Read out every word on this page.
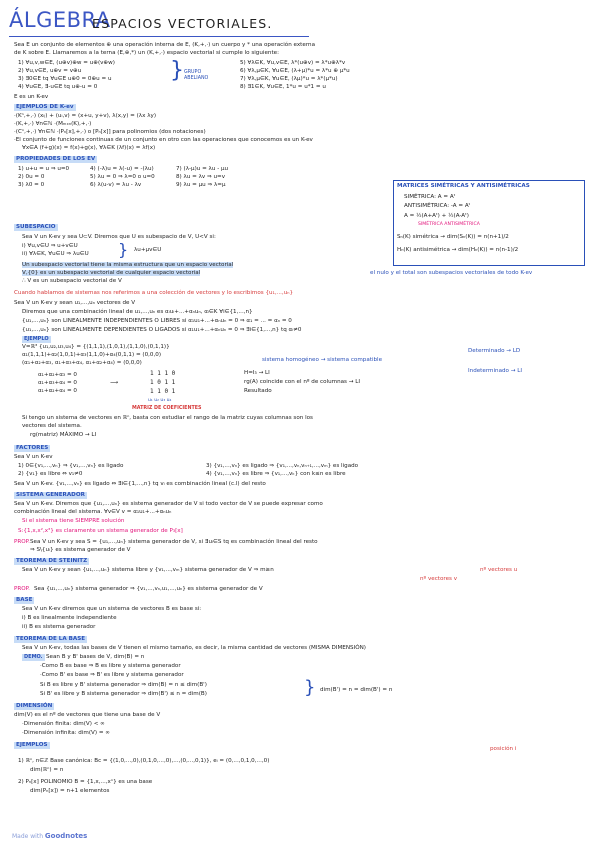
ÁLGEBRA
ESPACIOS VECTORIALES.
Sea E un conjunto de elementos ⊕ una operación interna de E, (K,+,·) un cuerpo y * una operación externa
de K sobre E. Llamaremos a la terna (E,⊕,*) un (K,+,·) espacio vectorial si cumple lo siguiente:
1) ∀u,v,w∈E, (u⊕v)⊕w = u⊕(v⊕w)
2) ∀u,v∈E, u⊕v = v⊕u
3) ∃0∈E tq ∀u∈E u⊕0 = 0⊕u = u
4) ∀u∈E, ∃-u∈E tq u⊕-u = 0
} GRUPO ABELIANO
5) ∀λ∈K, ∀u,v∈E, λ*(u⊕v) = λ*u⊕λ*v
6) ∀λ,μ∈K, ∀u∈E, (λ+μ)*u = λ*u ⊕ μ*u
7) ∀λ,μ∈K, ∀u∈E, (λμ)*u = λ*(μ*u)
8) ∃1∈K, ∀u∈E, 1*u = u*1 = u
E es un K-ev
EJEMPLOS DE K-ev
·(Kⁿ,+,·) (xᵢⱼ) + (uᵢ,v) = (x+u, y+v), λ(x,y) = (λx λy)
·(K,+,·) ∀n∈ℕ ·(Mₘₓₙ(K),+,·)
·(Cⁿ,+,·) ∀n∈ℕ ·(Pₙ[x],+,·) o [Pₙ[x]] para polinomios (dos notaciones)
·El conjunto de funciones continuas de un conjunto en otro con las operaciones que conocemos es un K-ev
∀x∈A (f+g)(x) = f(x)+g(x), ∀λ∈K (λf)(x) = λf(x)
PROPIEDADES DE LOS EV
1) u+u = u ⇒ u=0
2) 0u = 0
3) λ0 = 0
4) (-λ)u = λ(-u) = -(λu)
5) λu = 0 ⇒ λ=0 o u=0
6) λ(u-v) = λu - λv
7) (λ-μ)u = λu - μu
8) λu = λv ⇒ u=v
9) λu = μu ⇒ λ=μ	MATRICES SIMÉTRICAS Y ANTISIMÉTRICAS
SIMÉTRICA: A = Aᵗ
ANTISIMÉTRICA: -A = Aᵗ
A = ½(A+Aᵗ) + ½(A-Aᵗ)
SIMÉTRICA ANTISIMÉTRICA
Sₙ(K) simétrica → dim(Sₙ(K)) = n(n+1)/2
Hₙ(K) antisimétrica → dim(Hₙ(K)) = n(n-1)/2
SUBESPACIO
Sea V un K-ev y sea U⊂V. Diremos que U es subespacio de V, U<V si:
i) ∀u,v∈U ⇒ u+v∈U
ii) ∀λ∈K, ∀u∈U ⇒ λu∈U } λu+μv∈U
Un subespacio vectorial tiene la misma estructura que un espacio vectorial
V,{0} es un subespacio vectorial de cualquier espacio vectorial	el nulo y el total son subespacios vectoriales de todo K-ev
∴ V es un subespacio vectorial de V
Cuando hablamos de sistemas nos referimos a una colección de vectores y lo escribimos {u₁,...,uₙ}
Sea V un K-ev y sean u₁,...,uₙ vectores de V
Diremos que una combinación lineal de u₁,...,uₙ es αᵢuᵢ+...+αₙuₙ, αᵢ∈K ∀i∈{1,...,n}
{u₁,...,uₙ} son LINEALMENTE INDEPENDIENTES O LIBRES si α₁u₁+...+αₙuₙ = 0 ⇒ α₁ = ... = αₙ = 0
{u₁,...,uₙ} son LINEALMENTE DEPENDIENTES O LIGADOS si α₁u₁+...+αₙuₙ = 0 ⇒ ∃i∈{1,...,n} tq αᵢ≠0
EJEMPLO
V=ℝ³ {u₁,u₂,u₃,u₄} = {(1,1,1),(1,0,1),(1,1,0),(0,1,1)}
α₁(1,1,1)+α₂(1,0,1)+α₃(1,1,0)+α₄(0,1,1) = (0,0,0)
(α₁+α₂+α₃, α₁+α₃+α₄, α₁+α₂+α₄) = (0,0,0)	sistema homogéneo → sistema compatible
Determinado → LD
Indeterminado → LI
α₁+α₂+α₃ = 0
α₁+α₃+α₄ = 0
α₁+α₂+α₄ = 0
⟶
1 1 1 0
1 0 1 1
1 1 0 1
u₁ u₂ u₃ u₄
MATRIZ DE COEFICIENTES
H=I₃ → LI
rg(A) coincide con el nº de columnas → LI
Resultado
Si tengo un sistema de vectores en ℝⁿ, basta con estudiar el rango de la matriz cuyas columnas son los
vectores del sistema.
rg(matriz) MÁXIMO → LI
FACTORES
Sea V un K-ev
1) 0∈{v₁,...,vₙ} ⇒ {v₁,...,vₙ} es ligado
2) {v₁} es libre ⇔ v₁≠0
3) {v₁,...,vₙ} es ligado ⇒ {v₁,...,vₙ,vₙ₊₁,...,vₘ} es ligado
4) {v₁,...,vₙ} es libre ⇒ {v₁,...,vₖ} con k≤n es libre
Sea V un K-ev. {v₁,...,vₙ} es ligado ⇔ ∃i∈{1,...,n} tq vᵢ es combinación lineal (c.l) del resto
SISTEMA GENERADOR
Sea V un K-ev. Diremos que {u₁,...,uₙ} es sistema generador de V si todo vector de V se puede expresar como
combinación lineal del sistema. ∀v∈V v = α₁u₁+...+αₙuₙ
Si el sistema tiene SIEMPRE solución
S:{1,x,x²,x³} es claramente un sistema generador de P₃[x]
PROP. Sea V un K-ev y sea S = {u₁,...,uₙ} sistema generador de V, si ∃uᵢ∈S tq es combinación lineal del resto
⇒ S\{uᵢ} es sistema generador de V
TEOREMA DE STEINITZ
Sea V un K-ev y sean {u₁,...,uₙ} sistema libre y {v₁,...,vₘ} sistema generador de V ⇒ m≥n	nº vectores u
nº vectores v
PROP. Sea {u₁,...,uₙ} sistema generador ⇒ {v₁,...,vₙ,u₁,...,uₙ} es sistema generador de V
BASE
Sea V un K-ev diremos que un sistema de vectores B es base si:
i) B es linealmente independiente
ii) B es sistema generador
TEOREMA DE LA BASE
Sea V un K-ev, todas las bases de V tienen el mismo tamaño, es decir, la misma cantidad de vectores (MISMA DIMENSIÓN)
DEMO. Sean B y B' bases de V, dim(B) = n
·Como B es base ⇒ B es libre y sistema generador
·Como B' es base ⇒ B' es libre y sistema generador
Si B es libre y B' sistema generador ⇒ dim(B) = n ≤ dim(B')
Si B' es libre y B sistema generador ⇒ dim(B') ≤ n = dim(B)	} dim(B') = n = dim(B') = n
DIMENSIÓN
dim(V) es el nº de vectores que tiene una base de V
·Dimensión finita: dim(V) < ∞
·Dimensión infinita: dim(V) = ∞
EJEMPLOS
posición i
1) ℝⁿ, n∈ℤ Base canónica: Bc = {(1,0,...,0),(0,1,0,...,0),...,(0,...,0,1)}, eᵢ = (0,...,0,1,0,...,0)
dim(ℝⁿ) = n
2) Pₙ[x] POLINOMIO B = {1,x,...,xⁿ} es una base
dim(Pₙ[x]) = n+1 elementos
Made with Goodnotes
